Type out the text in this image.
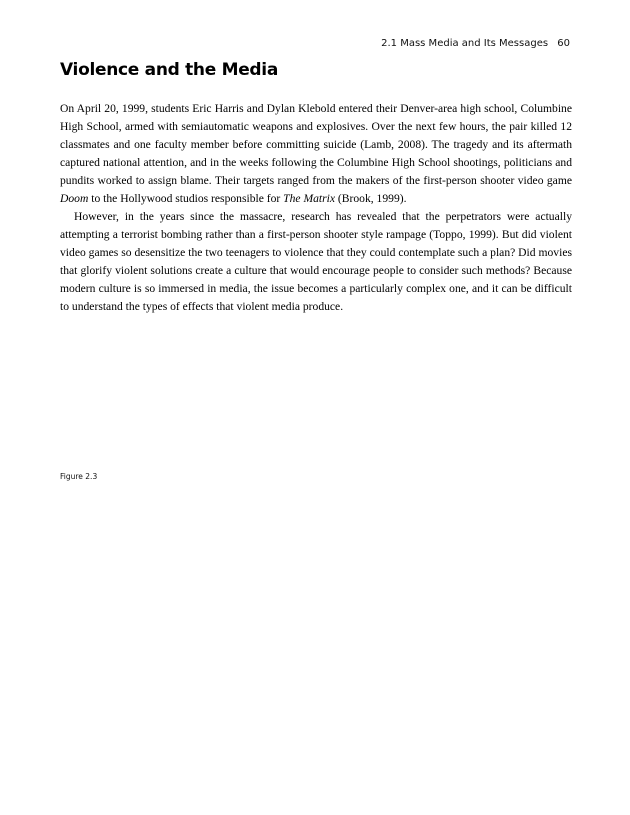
2.1 Mass Media and Its Messages 60
Violence and the Media

On April 20, 1999, students Eric Harris and Dylan Klebold entered their Denver-area high school, Columbine High School, armed with semiautomatic weapons and explosives. Over the next few hours, the pair killed 12 classmates and one faculty member before committing suicide (Lamb, 2008). The tragedy and its aftermath captured national attention, and in the weeks following the Columbine High School shootings, politicians and pundits worked to assign blame. Their targets ranged from the makers of the first-person shooter video game Doom to the Hollywood studios responsible for The Matrix (Brook, 1999).

However, in the years since the massacre, research has revealed that the perpetrators were actually attempting a terrorist bombing rather than a first-person shooter style rampage (Toppo, 1999). But did violent video games so desensitize the two teenagers to violence that they could contemplate such a plan? Did movies that glorify violent solutions create a culture that would encourage people to consider such methods? Because modern culture is so immersed in media, the issue becomes a particularly complex one, and it can be difficult to understand the types of effects that violent media produce.

Figure 2.3
